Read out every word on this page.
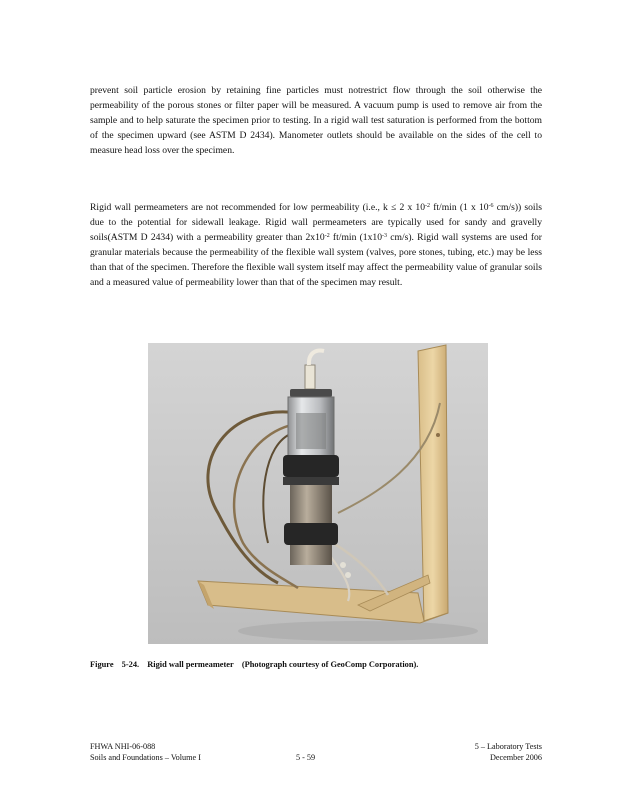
prevent soil particle erosion by retaining fine particles must notrestrict flow through the soil otherwise the permeability of the porous stones or filter paper will be measured. A vacuum pump is used to remove air from the sample and to help saturate the specimen prior to testing. In a rigid wall test saturation is performed from the bottom of the specimen upward (see ASTM D 2434). Manometer outlets should be available on the sides of the cell to measure head loss over the specimen.

Rigid wall permeameters are not recommended for low permeability (i.e., k ≤ 2 x $10^{-2}$ ft/min (1 x $10^{-6}$ cm/s)) soils due to the potential for sidewall leakage. Rigid wall permeameters are typically used for sandy and gravelly soils(ASTM D 2434) with a permeability greater than $2x10^{-2}$ ft/min ($1x10^{-3}$ cm/s). Rigid wall systems are used for granular materials because the permeability of the flexible wall system (valves, pore stones, tubing, etc.) may be less than that of the specimen. Therefore the flexible wall system itself may affect the permeability value of granular soils and a measured value of permeability lower than that of the specimen may result.

Figure 5-24. Rigid wall permeameter (Photograph courtesy of GeoComp Corporation).
FHWA NHI-06-088
Soils and Foundations – Volume I	5 - 59
5 – Laboratory Tests
December 2006
